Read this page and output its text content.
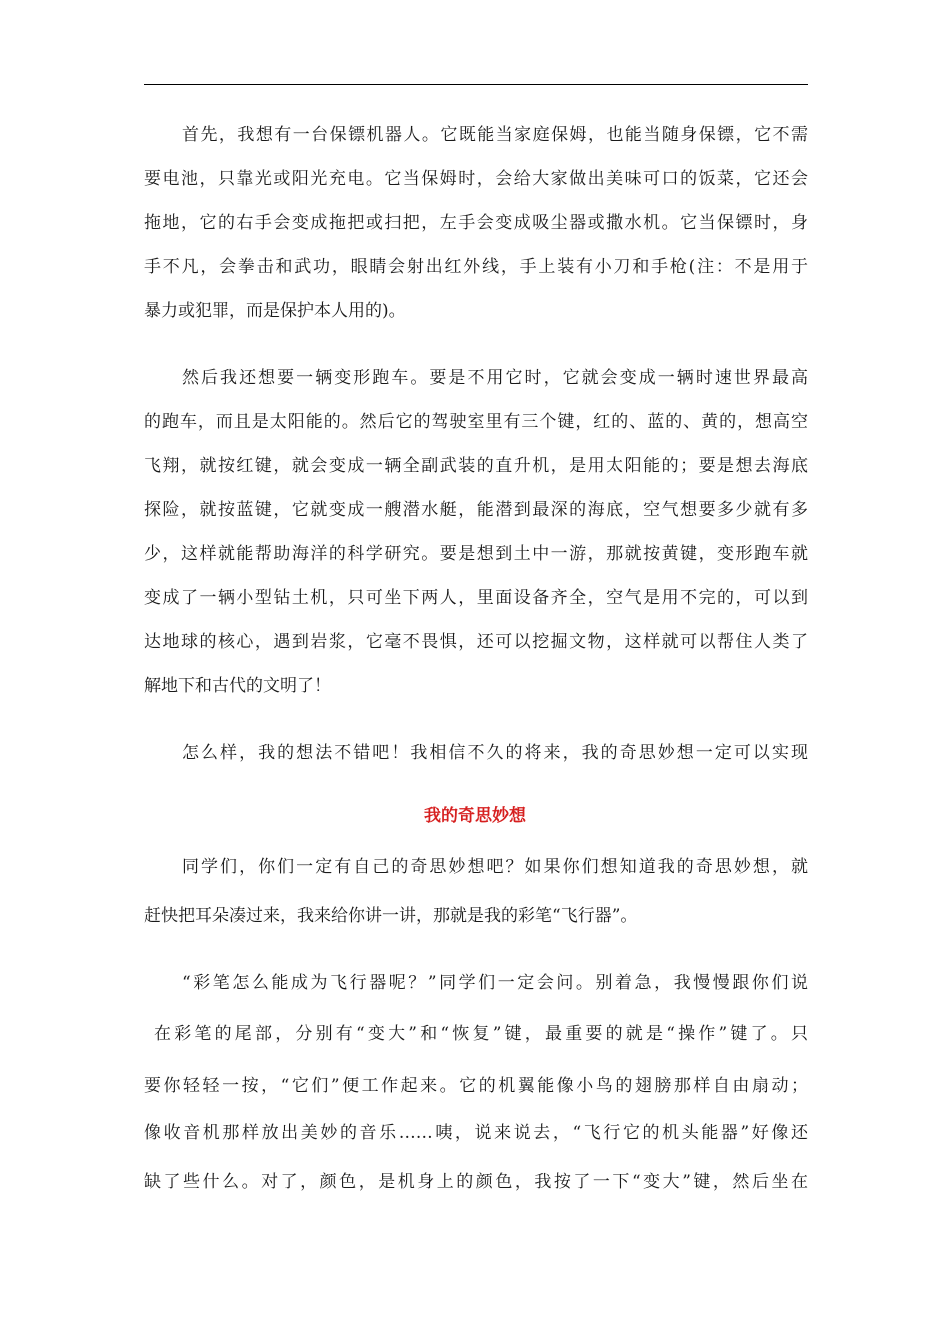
首先，我想有一台保镖机器人。它既能当家庭保姆，也能当随身保镖，它不需
要电池，只靠光或阳光充电。它当保姆时，会给大家做出美味可口的饭菜，它还会
拖地，它的右手会变成拖把或扫把，左手会变成吸尘器或撒水机。它当保镖时，身
手不凡，会拳击和武功，眼睛会射出红外线，手上装有小刀和手枪(注：不是用于
暴力或犯罪，而是保护本人用的)。
然后我还想要一辆变形跑车。要是不用它时，它就会变成一辆时速世界最高
的跑车，而且是太阳能的。然后它的驾驶室里有三个键，红的、蓝的、黄的，想高空
飞翔，就按红键，就会变成一辆全副武装的直升机，是用太阳能的；要是想去海底
探险，就按蓝键，它就变成一艘潜水艇，能潜到最深的海底，空气想要多少就有多
少，这样就能帮助海洋的科学研究。要是想到土中一游，那就按黄键，变形跑车就
变成了一辆小型钻土机，只可坐下两人，里面设备齐全，空气是用不完的，可以到
达地球的核心，遇到岩浆，它毫不畏惧，还可以挖掘文物，这样就可以帮住人类了
解地下和古代的文明了！
怎么样，我的想法不错吧！我相信不久的将来，我的奇思妙想一定可以实现
我的奇思妙想
同学们，你们一定有自己的奇思妙想吧？如果你们想知道我的奇思妙想，就
赶快把耳朵凑过来，我来给你讲一讲，那就是我的彩笔“飞行器”。
“彩笔怎么能成为飞行器呢？”同学们一定会问。别着急，我慢慢跟你们说
在彩笔的尾部，分别有“变大”和“恢复”键，最重要的就是“操作”键了。只
要你轻轻一按，“它们”便工作起来。它的机翼能像小鸟的翅膀那样自由扇动；
像收音机那样放出美妙的音乐……咦，说来说去，“飞行它的机头能器”好像还
缺了些什么。对了，颜色，是机身上的颜色，我按了一下“变大”键，然后坐在
